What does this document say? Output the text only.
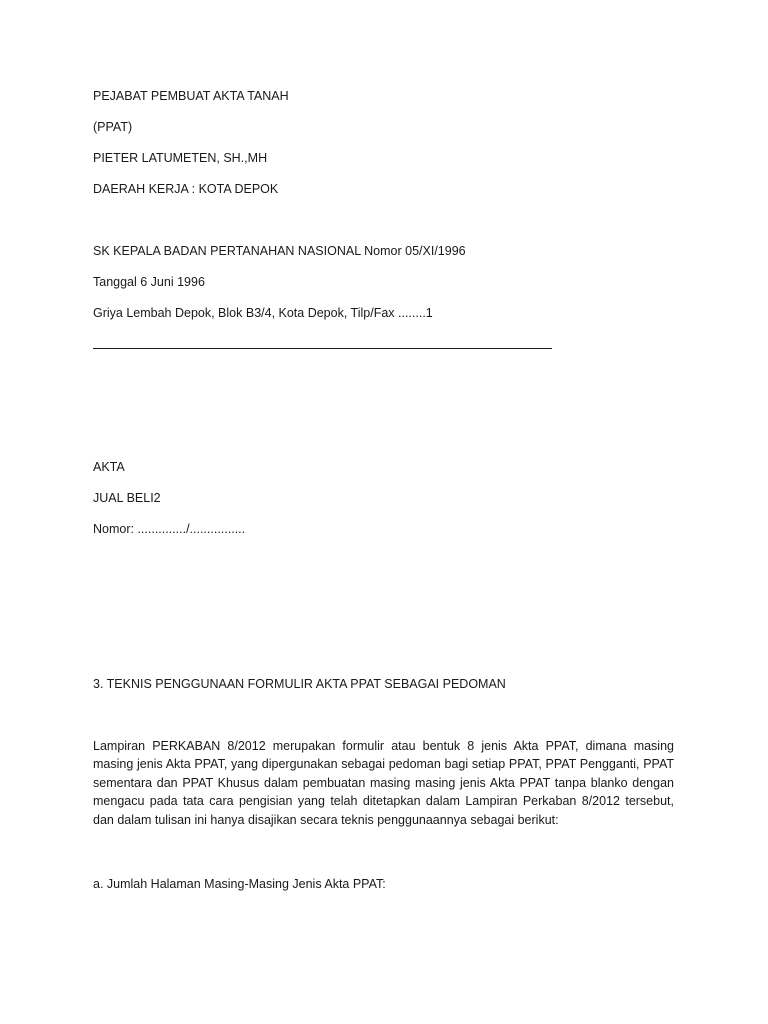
PEJABAT PEMBUAT AKTA TANAH
(PPAT)
PIETER LATUMETEN, SH.,MH
DAERAH KERJA : KOTA DEPOK
SK KEPALA BADAN PERTANAHAN NASIONAL Nomor 05/XI/1996
Tanggal 6 Juni 1996
Griya Lembah Depok, Blok B3/4, Kota Depok, Tilp/Fax ........1
AKTA
JUAL BELI2
Nomor: ............../................
3. TEKNIS PENGGUNAAN FORMULIR AKTA PPAT SEBAGAI PEDOMAN
Lampiran PERKABAN 8/2012 merupakan formulir atau bentuk 8 jenis Akta PPAT, dimana masing masing jenis Akta PPAT, yang dipergunakan sebagai pedoman bagi setiap PPAT, PPAT Pengganti, PPAT sementara dan PPAT Khusus dalam pembuatan masing masing jenis Akta PPAT tanpa blanko dengan mengacu pada tata cara pengisian yang telah ditetapkan dalam Lampiran Perkaban 8/2012 tersebut, dan dalam tulisan ini hanya disajikan secara teknis penggunaannya sebagai berikut:
a. Jumlah Halaman Masing-Masing Jenis Akta PPAT:
